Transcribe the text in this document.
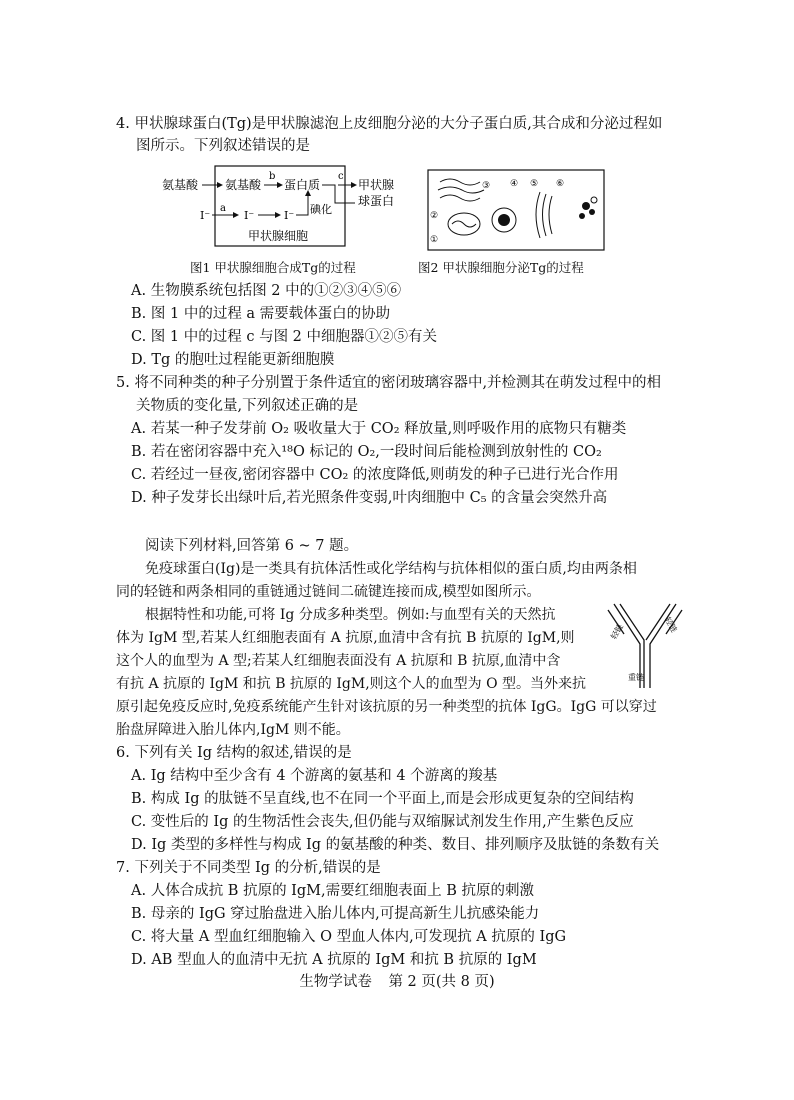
4. 甲状腺球蛋白(Tg)是甲状腺滤泡上皮细胞分泌的大分子蛋白质,其合成和分泌过程如
图所示。下列叙述错误的是
氨基酸 氨基酸
b
蛋白质
c
甲状腺
球蛋白
I⁻
a
I⁻	I⁻ 碘化
甲状腺细胞
图1 甲状腺细胞合成Tg的过程
③ ④
②
①
⑤ ⑥
图2 甲状腺细胞分泌Tg的过程
A. 生物膜系统包括图 2 中的①②③④⑤⑥
B. 图 1 中的过程 a 需要载体蛋白的协助
C. 图 1 中的过程 c 与图 2 中细胞器①②⑤有关
D. Tg 的胞吐过程能更新细胞膜
5. 将不同种类的种子分别置于条件适宜的密闭玻璃容器中,并检测其在萌发过程中的相
关物质的变化量,下列叙述正确的是
A. 若某一种子发芽前 O₂ 吸收量大于 CO₂ 释放量,则呼吸作用的底物只有糖类
B. 若在密闭容器中充入¹⁸O 标记的 O₂,一段时间后能检测到放射性的 CO₂
C. 若经过一昼夜,密闭容器中 CO₂ 的浓度降低,则萌发的种子已进行光合作用
D. 种子发芽长出绿叶后,若光照条件变弱,叶肉细胞中 C₅ 的含量会突然升高
阅读下列材料,回答第 6 ~ 7 题。
免疫球蛋白(Ig)是一类具有抗体活性或化学结构与抗体相似的蛋白质,均由两条相
同的轻链和两条相同的重链通过链间二硫键连接而成,模型如图所示。
根据特性和功能,可将 Ig 分成多种类型。例如:与血型有关的天然抗
体为 IgM 型,若某人红细胞表面有 A 抗原,血清中含有抗 B 抗原的 IgM,则
这个人的血型为 A 型;若某人红细胞表面没有 A 抗原和 B 抗原,血清中含
有抗 A 抗原的 IgM 和抗 B 抗原的 IgM,则这个人的血型为 O 型。当外来抗
原引起免疫反应时,免疫系统能产生针对该抗原的另一种类型的抗体 IgG。IgG 可以穿过
胎盘屏障进入胎儿体内,IgM 则不能。
轻链	轻链
重链
6. 下列有关 Ig 结构的叙述,错误的是
A. Ig 结构中至少含有 4 个游离的氨基和 4 个游离的羧基
B. 构成 Ig 的肽链不呈直线,也不在同一个平面上,而是会形成更复杂的空间结构
C. 变性后的 Ig 的生物活性会丧失,但仍能与双缩脲试剂发生作用,产生紫色反应
D. Ig 类型的多样性与构成 Ig 的氨基酸的种类、数目、排列顺序及肽链的条数有关
7. 下列关于不同类型 Ig 的分析,错误的是
A. 人体合成抗 B 抗原的 IgM,需要红细胞表面上 B 抗原的刺激
B. 母亲的 IgG 穿过胎盘进入胎儿体内,可提高新生儿抗感染能力
C. 将大量 A 型血红细胞输入 O 型血人体内,可发现抗 A 抗原的 IgG
D. AB 型血人的血清中无抗 A 抗原的 IgM 和抗 B 抗原的 IgM
生物学试卷 第 2 页(共 8 页)
